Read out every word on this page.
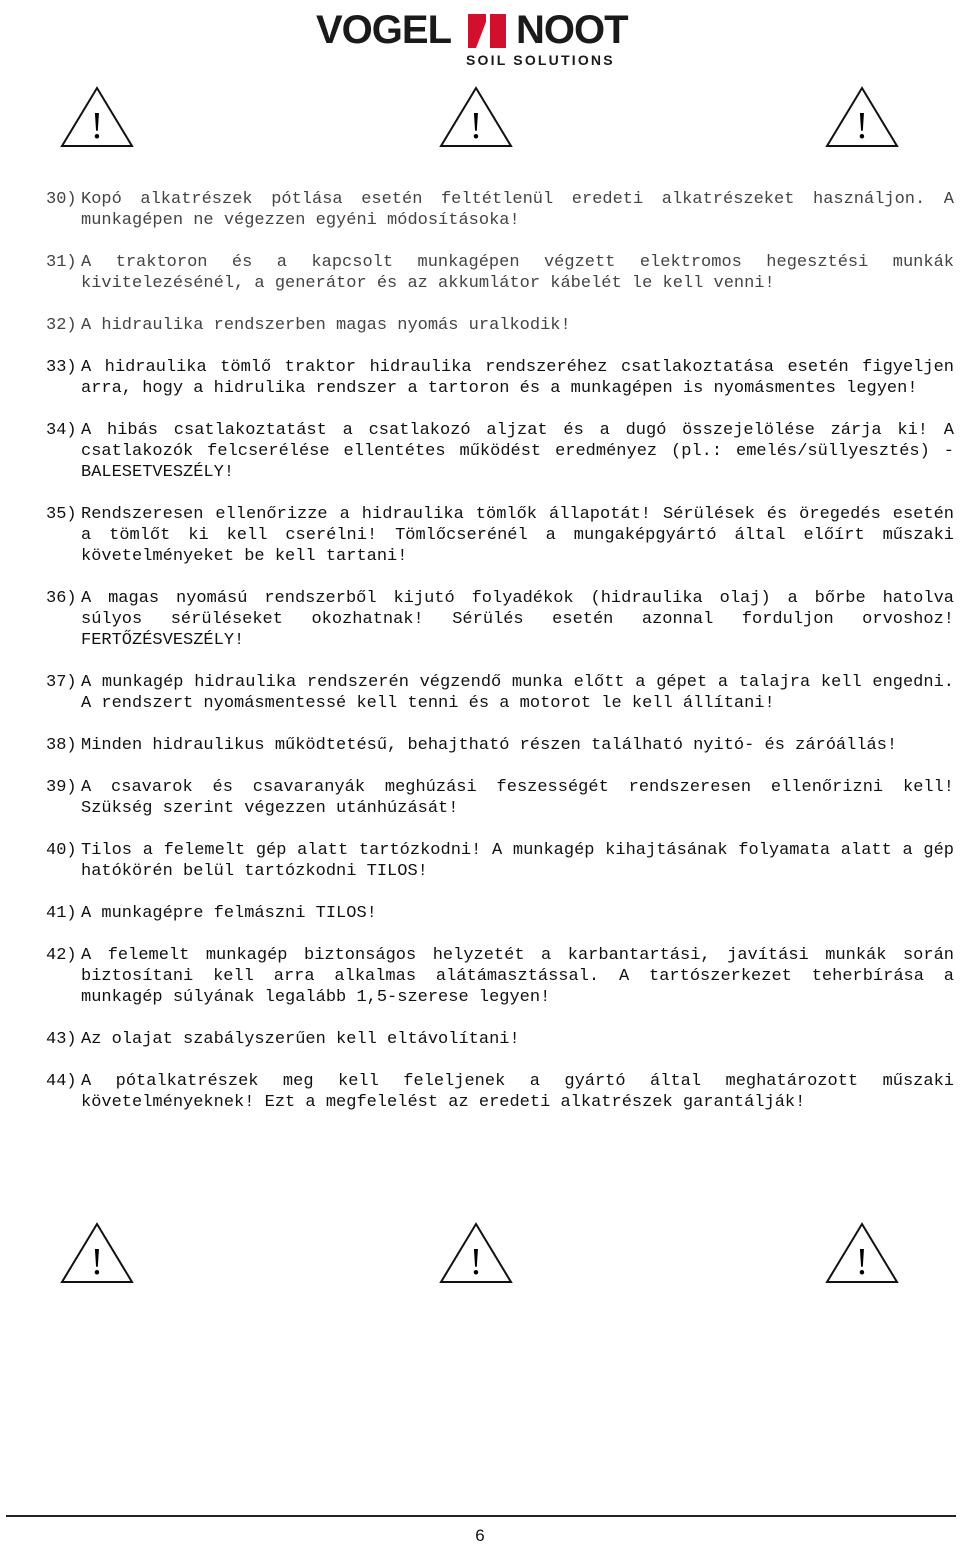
VOGEL NOOT
SOIL SOLUTIONS
!	!	!
30) Kopó alkatrészek pótlása esetén feltétlenül eredeti alkatrészeket használjon. A munkagépen ne végezzen egyéni módosításoka!
31) A traktoron és a kapcsolt munkagépen végzett elektromos hegesztési munkák kivitelezésénél, a generátor és az akkumlátor kábelét le kell venni!
32) A hidraulika rendszerben magas nyomás uralkodik!
33) A hidraulika tömlő traktor hidraulika rendszeréhez csatlakoztatása esetén figyeljen arra, hogy a hidrulika rendszer a tartoron és a munkagépen is nyomásmentes legyen!
34) A hibás csatlakoztatást a csatlakozó aljzat és a dugó összejelölése zárja ki! A csatlakozók felcserélése ellentétes működést eredményez (pl.: emelés/süllyesztés) - BALESETVESZÉLY!
35) Rendszeresen ellenőrizze a hidraulika tömlők állapotát! Sérülések és öregedés esetén a tömlőt ki kell cserélni! Tömlőcserénél a mungaképgyártó által előírt műszaki követelményeket be kell tartani!
36) A magas nyomású rendszerből kijutó folyadékok (hidraulika olaj) a bőrbe hatolva súlyos sérüléseket okozhatnak! Sérülés esetén azonnal forduljon orvoshoz! FERTŐZÉSVESZÉLY!
37) A munkagép hidraulika rendszerén végzendő munka előtt a gépet a talajra kell engedni. A rendszert nyomásmentessé kell tenni és a motorot le kell állítani!
38) Minden hidraulikus működtetésű, behajtható részen található nyitó- és záróállás!
39) A csavarok és csavaranyák meghúzási feszességét rendszeresen ellenőrizni kell! Szükség szerint végezzen utánhúzását!
40) Tilos a felemelt gép alatt tartózkodni! A munkagép kihajtásának folyamata alatt a gép hatókörén belül tartózkodni TILOS!
41) A munkagépre felmászni TILOS!
42) A felemelt munkagép biztonságos helyzetét a karbantartási, javítási munkák során biztosítani kell arra alkalmas alátámasztással. A tartószerkezet teherbírása a munkagép súlyának legalább 1,5-szerese legyen!
43) Az olajat szabályszerűen kell eltávolítani!
44) A pótalkatrészek meg kell feleljenek a gyártó által meghatározott műszaki követelményeknek! Ezt a megfelelést az eredeti alkatrészek garantálják!
!	!	!
6
